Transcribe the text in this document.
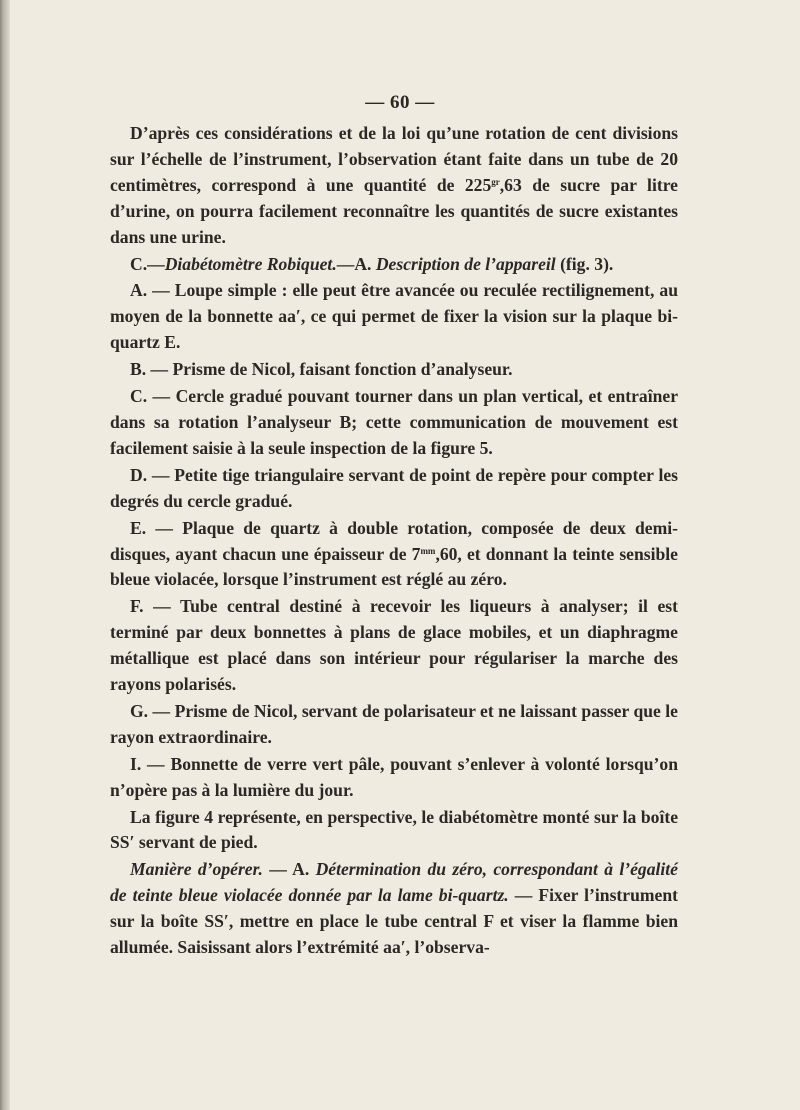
— 60 —

D’après ces considérations et de la loi qu’une rotation de cent divisions sur l’échelle de l’instrument, l’observation étant faite dans un tube de 20 centimètres, correspond à une quantité de $225^{gr},63$ de sucre par litre d’urine, on pourra facilement reconnaître les quantités de sucre existantes dans une urine.

C.—Diabétomètre Robiquet.—A. Description de l’appareil (fig. 3).

A. — Loupe simple : elle peut être avancée ou reculée rectilignement, au moyen de la bonnette aa′, ce qui permet de fixer la vision sur la plaque bi-quartz E.

B. — Prisme de Nicol, faisant fonction d’analyseur.

C. — Cercle gradué pouvant tourner dans un plan vertical, et entraîner dans sa rotation l’analyseur B; cette communication de mouvement est facilement saisie à la seule inspection de la figure 5.

D. — Petite tige triangulaire servant de point de repère pour compter les degrés du cercle gradué.

E. — Plaque de quartz à double rotation, composée de deux demi-disques, ayant chacun une épaisseur de $7^{mm},60$, et donnant la teinte sensible bleue violacée, lorsque l’instrument est réglé au zéro.

F. — Tube central destiné à recevoir les liqueurs à analyser; il est terminé par deux bonnettes à plans de glace mobiles, et un diaphragme métallique est placé dans son intérieur pour régulariser la marche des rayons polarisés.

G. — Prisme de Nicol, servant de polarisateur et ne laissant passer que le rayon extraordinaire.

I. — Bonnette de verre vert pâle, pouvant s’enlever à volonté lorsqu’on n’opère pas à la lumière du jour.

La figure 4 représente, en perspective, le diabétomètre monté sur la boîte SS′ servant de pied.

Manière d’opérer. — A. Détermination du zéro, correspondant à l’égalité de teinte bleue violacée donnée par la lame bi-quartz. — Fixer l’instrument sur la boîte SS′, mettre en place le tube central F et viser la flamme bien allumée. Saisissant alors l’extrémité aa′, l’observa-
